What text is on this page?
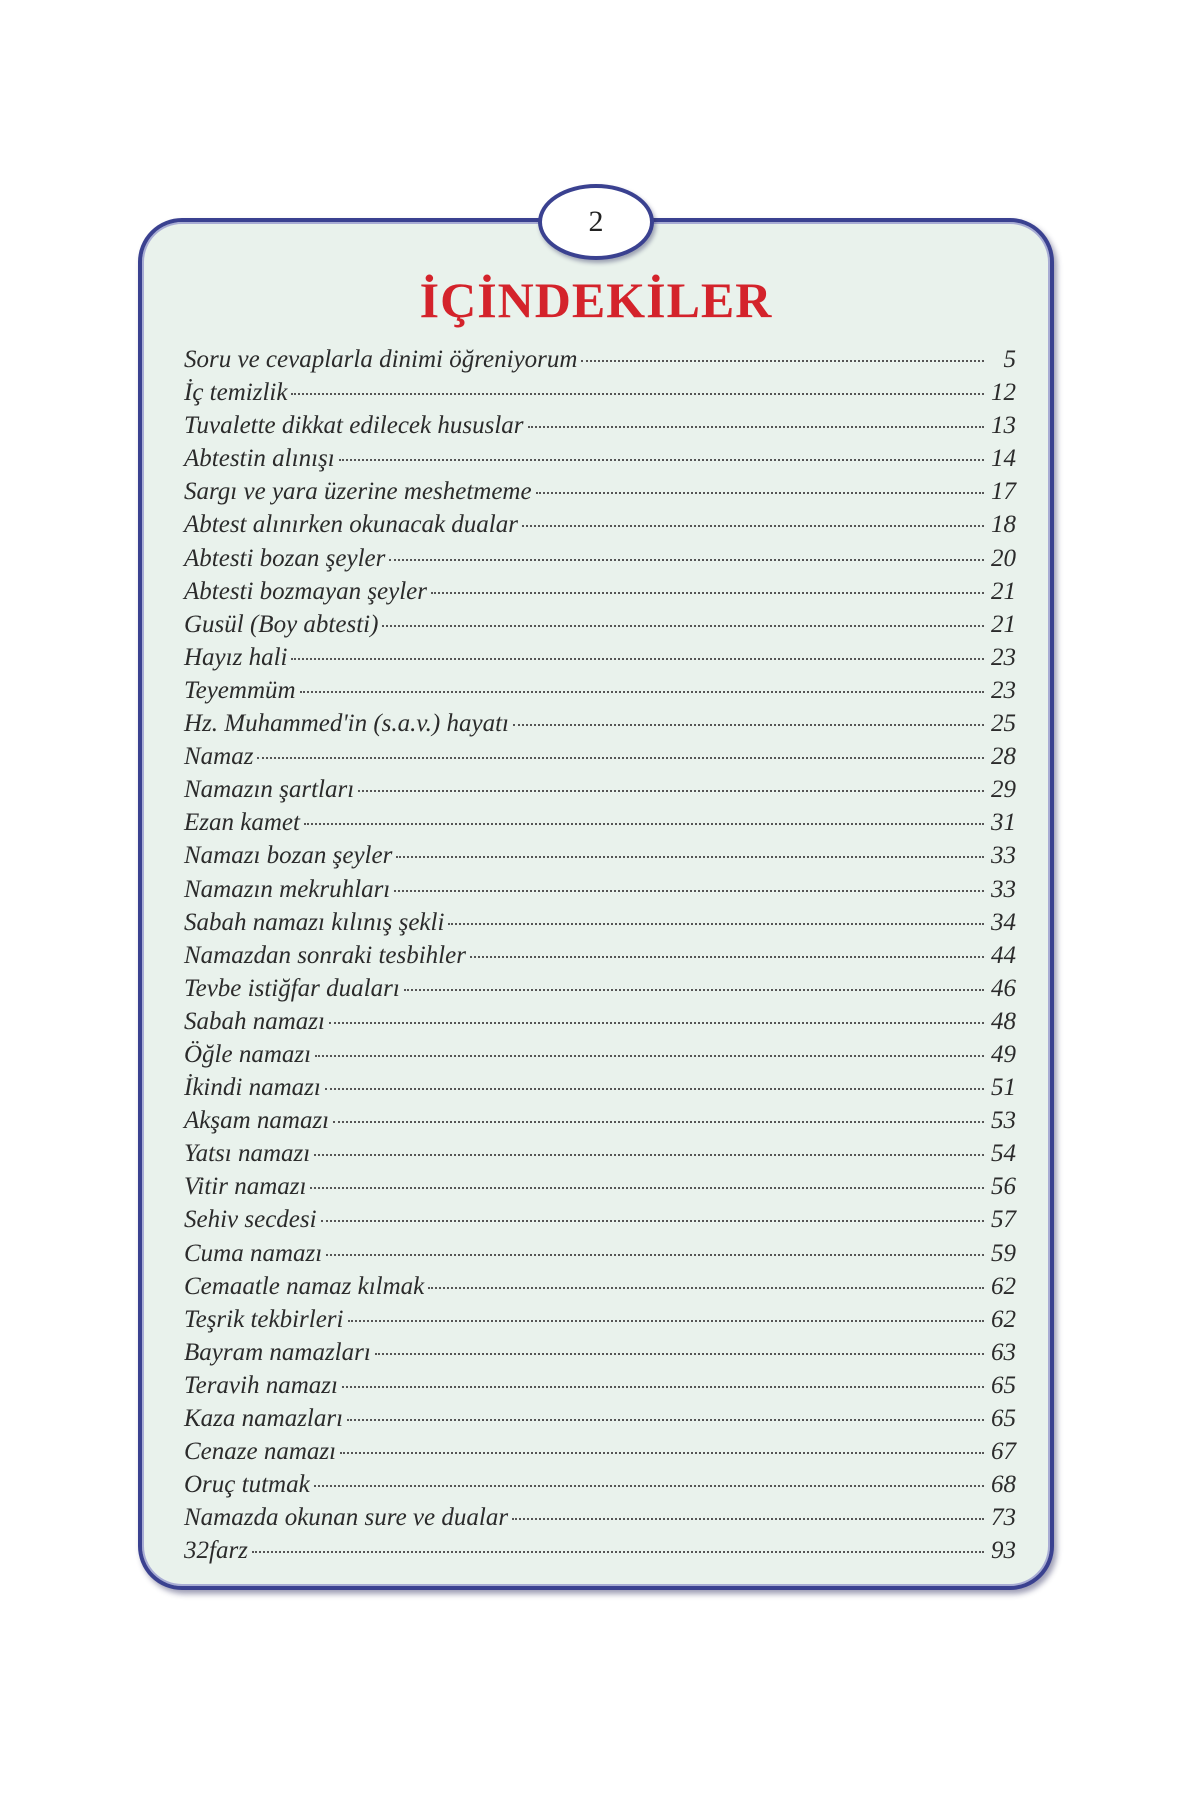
2
İÇİNDEKİLER
Soru ve cevaplarla dinimi öğreniyorum	5
İç temizlik	12
Tuvalette dikkat edilecek hususlar	13
Abtestin alınışı	14
Sargı ve yara üzerine meshetmeme	17
Abtest alınırken okunacak dualar	18
Abtesti bozan şeyler	20
Abtesti bozmayan şeyler	21
Gusül (Boy abtesti)	21
Hayız hali	23
Teyemmüm	23
Hz. Muhammed'in (s.a.v.) hayatı	25
Namaz	28
Namazın şartları	29
Ezan kamet	31
Namazı bozan şeyler	33
Namazın mekruhları	33
Sabah namazı kılınış şekli	34
Namazdan sonraki tesbihler	44
Tevbe istiğfar duaları	46
Sabah namazı	48
Öğle namazı	49
İkindi namazı	51
Akşam namazı	53
Yatsı namazı	54
Vitir namazı	56
Sehiv secdesi	57
Cuma namazı	59
Cemaatle namaz kılmak	62
Teşrik tekbirleri	62
Bayram namazları	63
Teravih namazı	65
Kaza namazları	65
Cenaze namazı	67
Oruç tutmak	68
Namazda okunan sure ve dualar	73
32farz	93
